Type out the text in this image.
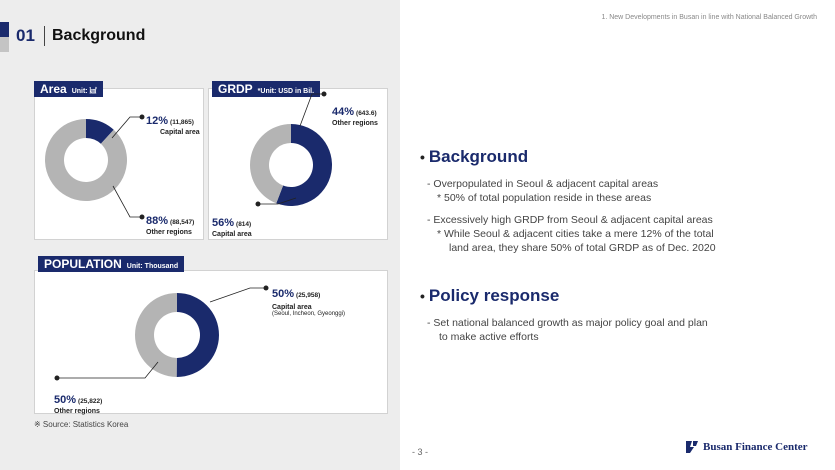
01 Background
1. New Developments in Busan in line with National Balanced Growth
Area Unit: ㎢
12% (11,865)
Capital area
88% (88,547)
Other regions
GRDP *Unit: USD in Bil.
44% (643.6)
Other regions
56% (814)
Capital area
POPULATION Unit: Thousand
50% (25,958)
Capital area
(Seoul, Incheon, Gyeonggi)
50% (25,822)
Other regions
※ Source: Statistics Korea
• Background
- Overpopulated in Seoul & adjacent capital areas
* 50% of total population reside in these areas
- Excessively high GRDP from Seoul & adjacent capital areas
* While Seoul & adjacent cities take a mere 12% of the total
land area, they share 50% of total GRDP as of Dec. 2020
• Policy response
- Set national balanced growth as major policy goal and plan
to make active efforts
- 3 -	Busan Finance Center
